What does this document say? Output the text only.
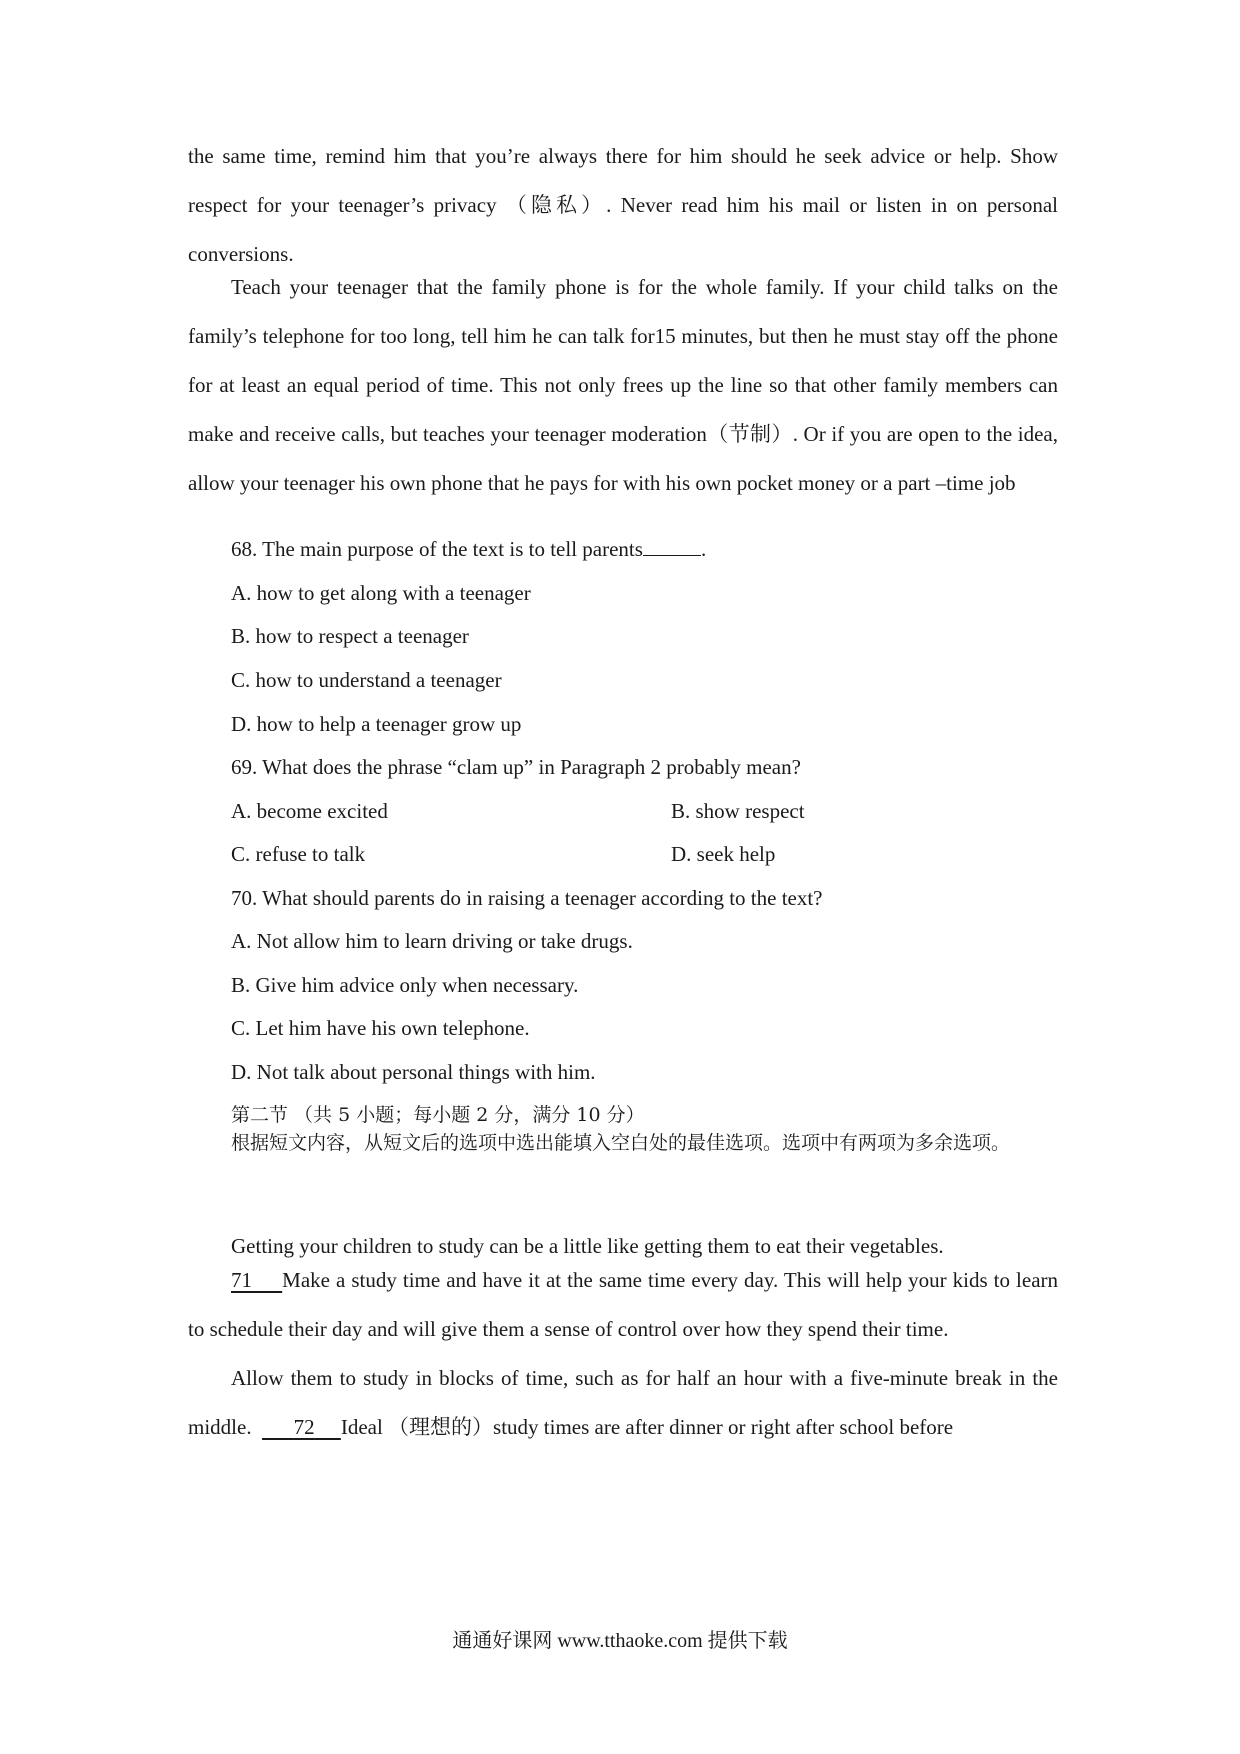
the same time, remind him that you’re always there for him should he seek advice or help. Show respect for your teenager’s privacy （隐私）. Never read him his mail or listen in on personal conversions.

Teach your teenager that the family phone is for the whole family. If your child talks on the family’s telephone for too long, tell him he can talk for15 minutes, but then he must stay off the phone for at least an equal period of time. This not only frees up the line so that other family members can make and receive calls, but teaches your teenager moderation（节制）. Or if you are open to the idea, allow your teenager his own phone that he pays for with his own pocket money or a part –time job

68. The main purpose of the text is to tell parents	.

A. how to get along with a teenager

B. how to respect a teenager

C. how to understand a teenager

D. how to help a teenager grow up

69. What does the phrase “clam up” in Paragraph 2 probably mean?

A. become excited	B. show respect

C. refuse to talk	D. seek help

70. What should parents do in raising a teenager according to the text?

A. Not allow him to learn driving or take drugs.

B. Give him advice only when necessary.

C. Let him have his own telephone.

D. Not talk about personal things with him.

第二节 （共 5 小题；每小题 2 分，满分 10 分）

根据短文内容，从短文后的选项中选出能填入空白处的最佳选项。选项中有两项为多余选项。

Getting your children to study can be a little like getting them to eat their vegetables.

71 Make a study time and have it at the same time every day. This will help your kids to learn to schedule their day and will give them a sense of control over how they spend their time.

Allow them to study in blocks of time, such as for half an hour with a five-minute break in the middle. 72 Ideal （理想的）study times are after dinner or right after school before

通通好课网 www.tthaoke.com 提供下载
